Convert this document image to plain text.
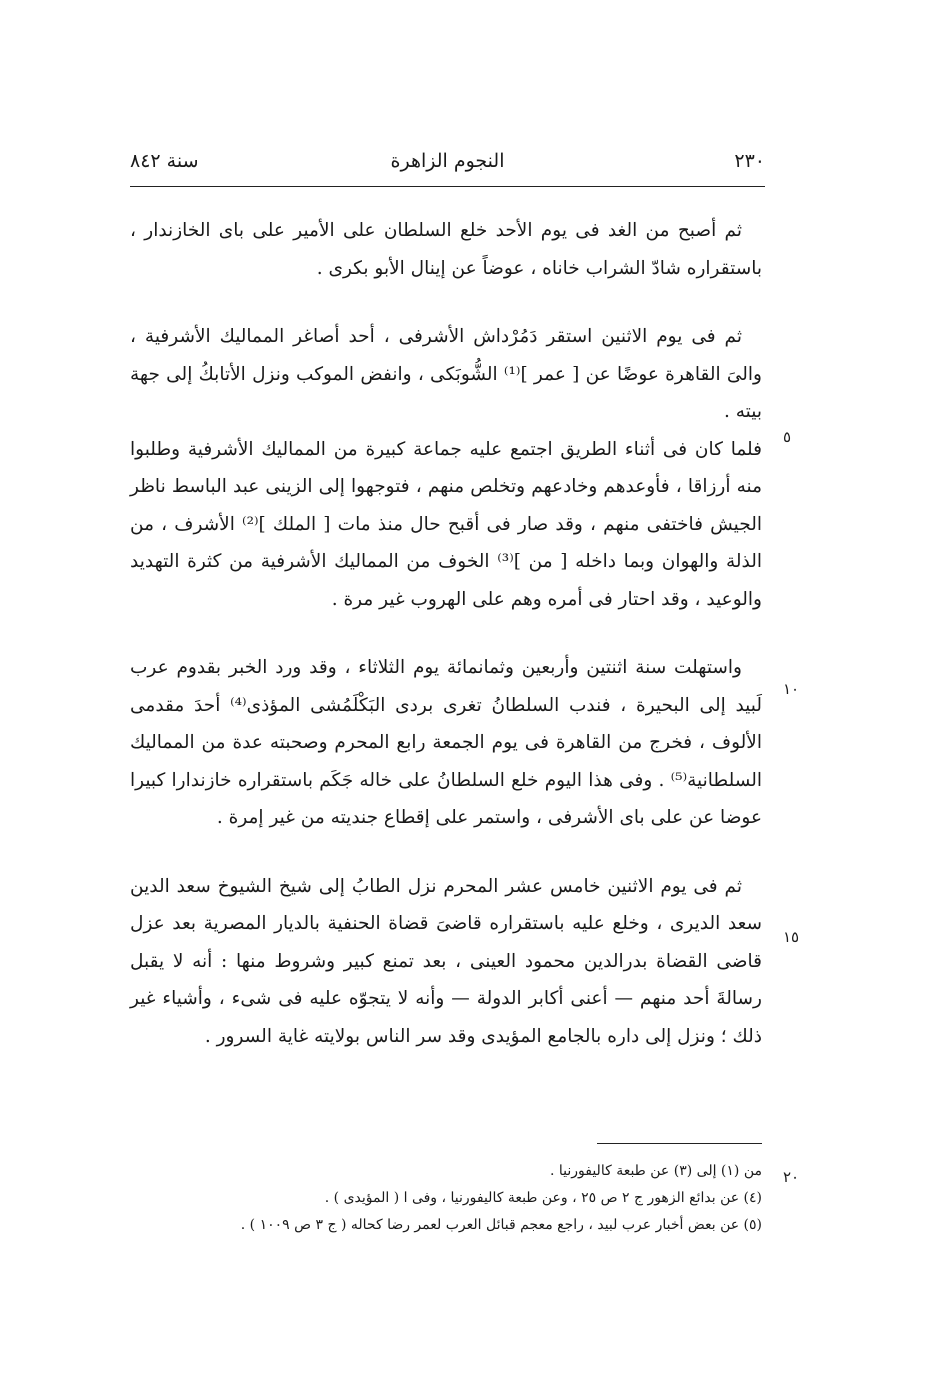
٢٣٠
النجوم الزاهرة
سنة ٨٤٢

ثم أصبح من الغد فى يوم الأحد خلع السلطان على الأمير على باى الخازندار ، باستقراره شادّ الشراب خاناه ، عوضاً عن إينال الأبو بكرى .

ثم فى يوم الاثنين استقر دَمُرْداش الأشرفى ، أحد أصاغر المماليك الأشرفية ، والىَ القاهرة عوضًا عن [ عمر ]⁽¹⁾ الشُّوبَكى ، وانفض الموكب ونزل الأتابكُ إلى جهة بيته .

فلما كان فى أثناء الطريق اجتمع عليه جماعة كبيرة من المماليك الأشرفية وطلبوا منه أرزاقا ، فأوعدهم وخادعهم وتخلص منهم ، فتوجهوا إلى الزينى عبد الباسط ناظر الجيش فاختفى منهم ، وقد صار فى أقبح حال منذ مات [ الملك ]⁽²⁾ الأشرف ، من الذلة والهوان وبما داخله [ من ]⁽³⁾ الخوف من المماليك الأشرفية من كثرة التهديد والوعيد ، وقد احتار فى أمره وهم على الهروب غير مرة .

واستهلت سنة اثنتين وأربعين وثمانمائة يوم الثلاثاء ، وقد ورد الخبر بقدوم عرب لَبيد إلى البحيرة ، فندب السلطانُ تغرى بردى البَكْلَمُشى المؤذى⁽⁴⁾ أحدَ مقدمى الألوف ، فخرج من القاهرة فى يوم الجمعة رابع المحرم وصحبته عدة من المماليك السلطانية⁽⁵⁾ . وفى هذا اليوم خلع السلطانُ على خاله جَكَم باستقراره خازندارا كبيرا عوضا عن على باى الأشرفى ، واستمر على إقطاع جنديته من غير إمرة .

ثم فى يوم الاثنين خامس عشر المحرم نزل الطابُ إلى شيخ الشيوخ سعد الدين سعد الديرى ، وخلع عليه باستقراره قاضىَ قضاة الحنفية بالديار المصرية بعد عزل قاضى القضاة بدرالدين محمود العينى ، بعد تمنع كبير وشروط منها : أنه لا يقبل رسالةَ أحد منهم — أعنى أكابر الدولة — وأنه لا يتجوّه عليه فى شىء ، وأشياء غير ذلك ؛ ونزل إلى داره بالجامع المؤيدى وقد سر الناس بولايته غاية السرور .

٥
١٠
١٥
٢٠

من (١) إلى (٣) عن طبعة كاليفورنيا .

(٤) عن بدائع الزهور ج ٢ ص ٢٥ ، وعن طبعة كاليفورنيا ، وفى ا ( المؤيدى ) .

(٥) عن بعض أخبار عرب لبيد ، راجع معجم قبائل العرب لعمر رضا كحاله ( ج ٣ ص ١٠٠٩ ) .
